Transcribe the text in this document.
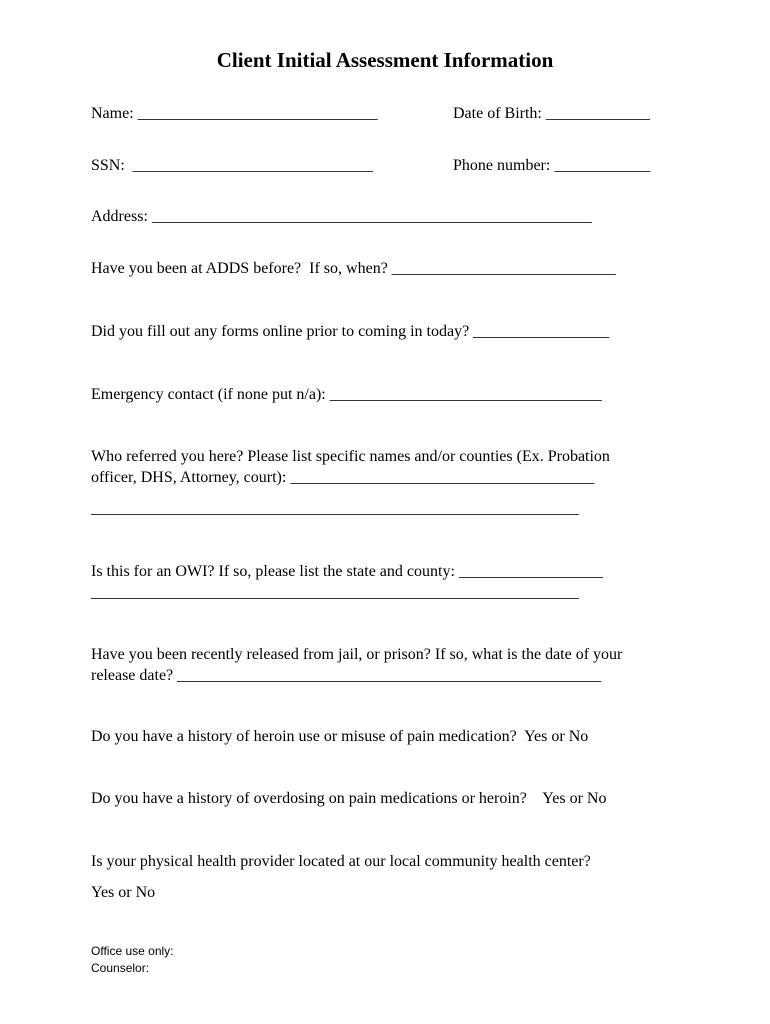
Client Initial Assessment Information
Name: ______________________________	Date of Birth: _____________
SSN:  ______________________________	Phone number: ____________
Address: _______________________________________________________
Have you been at ADDS before?  If so, when? ____________________________
Did you fill out any forms online prior to coming in today? _________________
Emergency contact (if none put n/a): __________________________________
Who referred you here? Please list specific names and/or counties (Ex. Probation
officer, DHS, Attorney, court): ______________________________________
_____________________________________________________________
Is this for an OWI? If so, please list the state and county: __________________
_____________________________________________________________
Have you been recently released from jail, or prison? If so, what is the date of your
release date? _____________________________________________________
Do you have a history of heroin use or misuse of pain medication?  Yes or No
Do you have a history of overdosing on pain medications or heroin?    Yes or No
Is your physical health provider located at our local community health center?
Yes or No
Office use only:
Counselor:
